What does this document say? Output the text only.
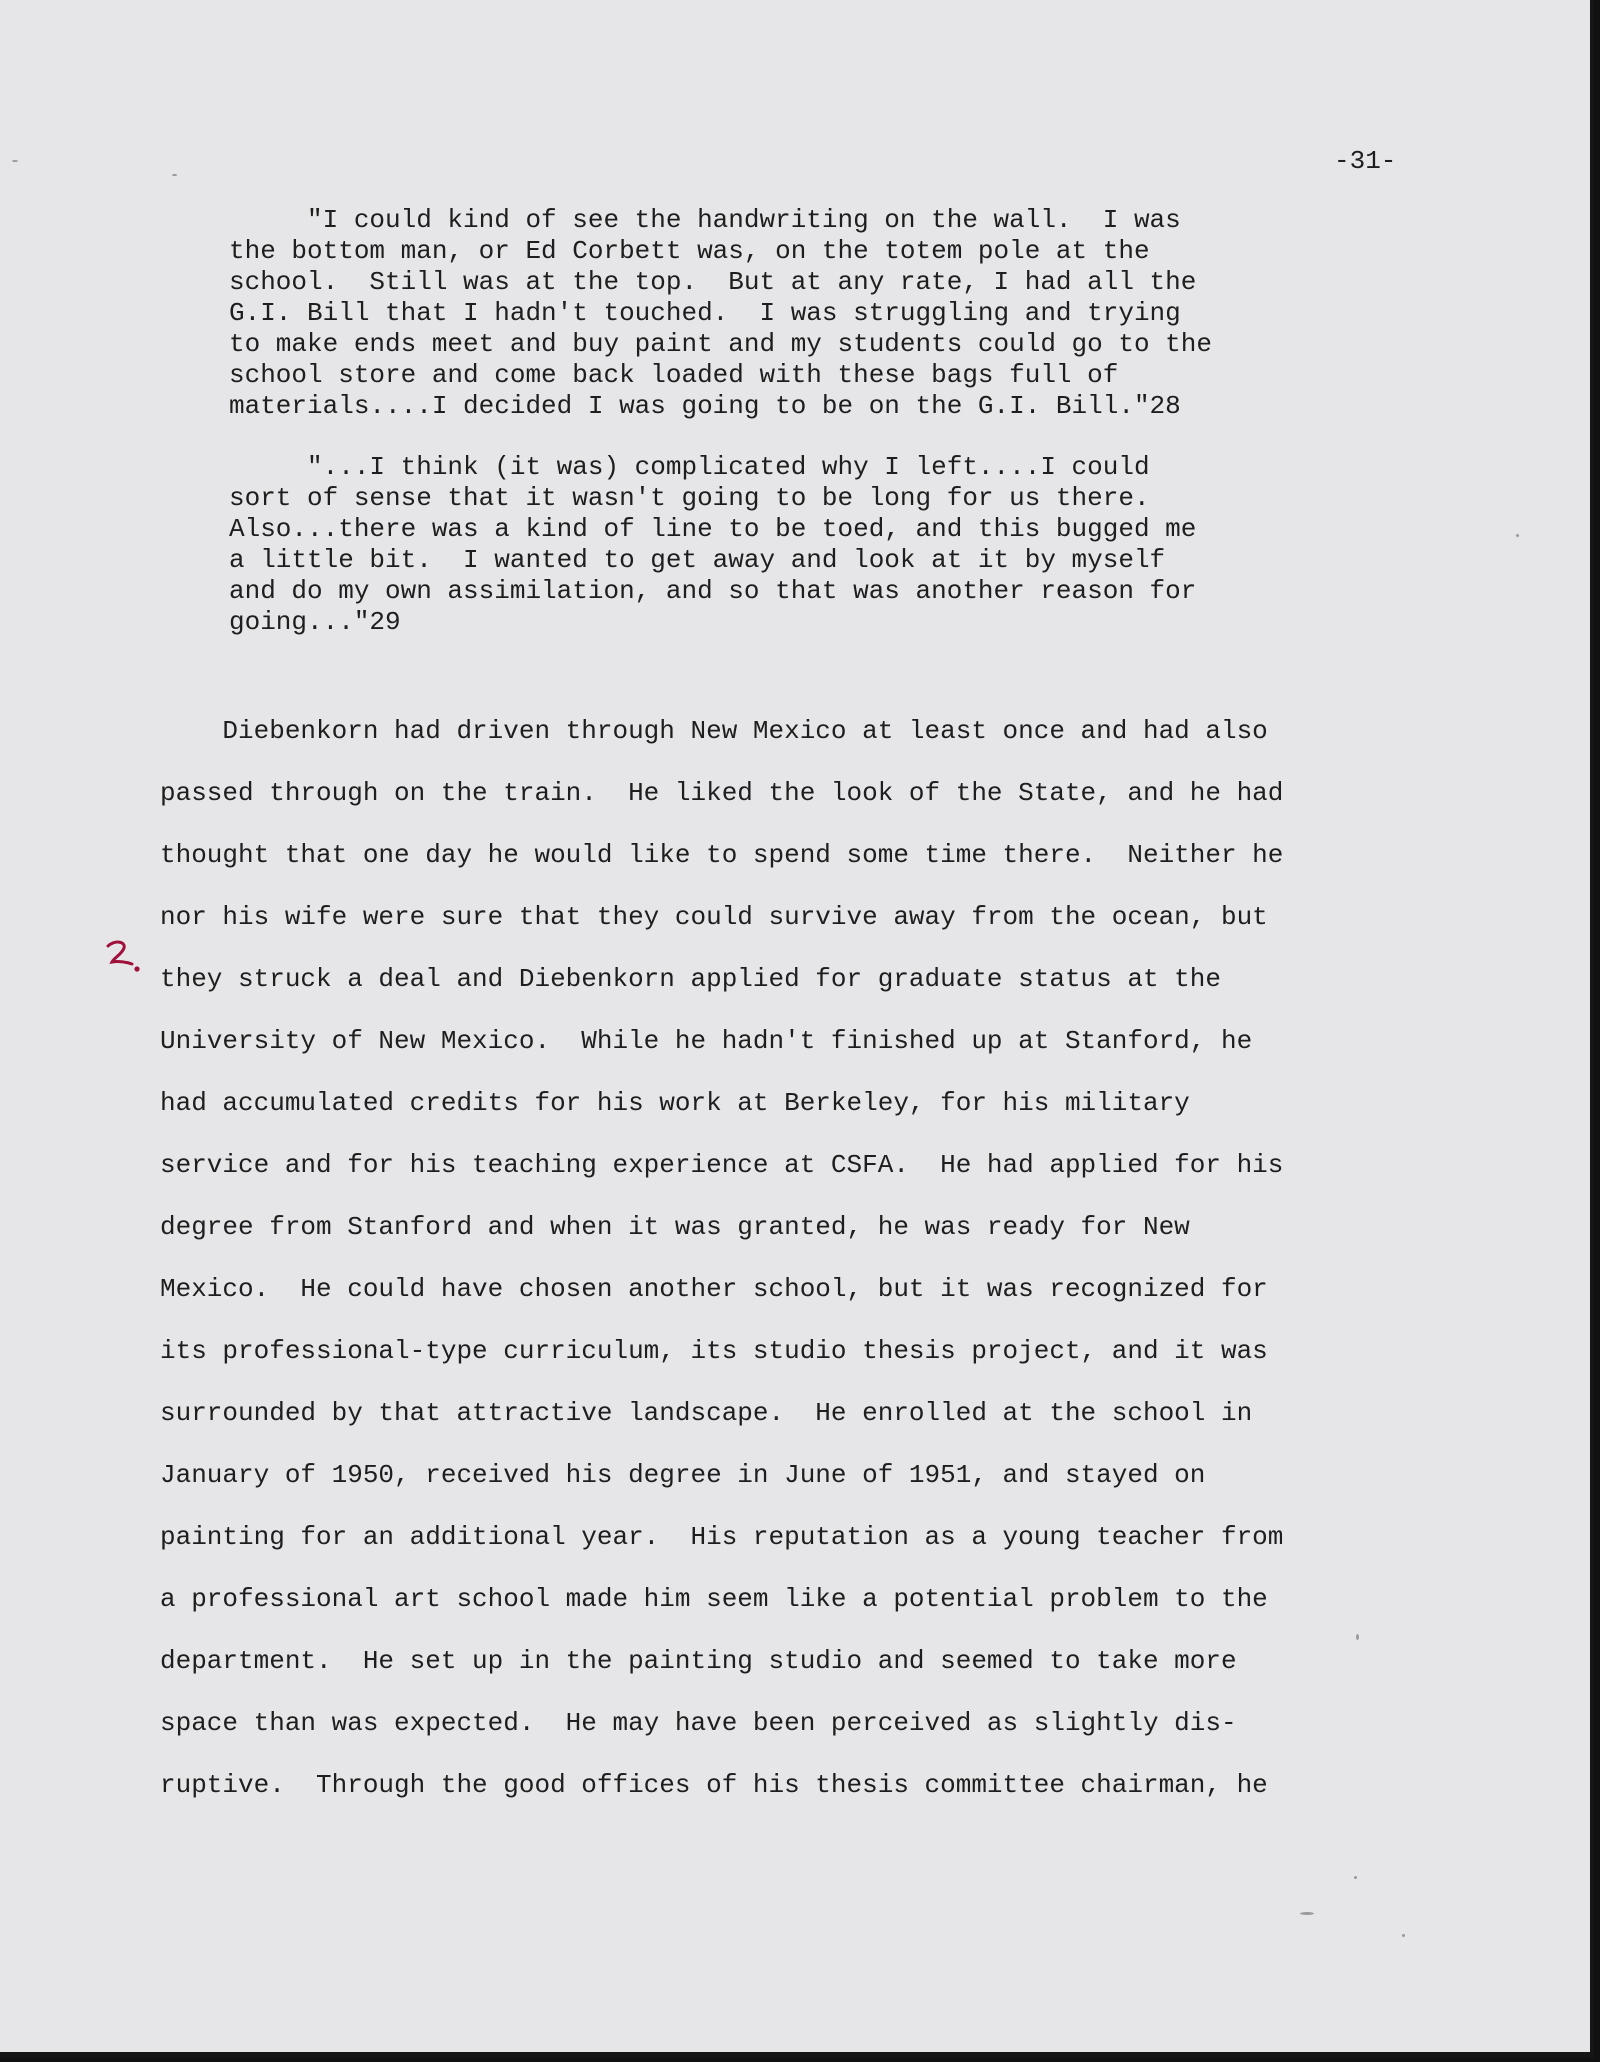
-31-
"I could kind of see the handwriting on the wall.  I was
the bottom man, or Ed Corbett was, on the totem pole at the
school.  Still was at the top.  But at any rate, I had all the
G.I. Bill that I hadn't touched.  I was struggling and trying
to make ends meet and buy paint and my students could go to the
school store and come back loaded with these bags full of
materials....I decided I was going to be on the G.I. Bill."28
"...I think (it was) complicated why I left....I could
sort of sense that it wasn't going to be long for us there.
Also...there was a kind of line to be toed, and this bugged me
a little bit.  I wanted to get away and look at it by myself
and do my own assimilation, and so that was another reason for
going..."29
Diebenkorn had driven through New Mexico at least once and had also
passed through on the train.  He liked the look of the State, and he had
thought that one day he would like to spend some time there.  Neither he
nor his wife were sure that they could survive away from the ocean, but
they struck a deal and Diebenkorn applied for graduate status at the
University of New Mexico.  While he hadn't finished up at Stanford, he
had accumulated credits for his work at Berkeley, for his military
service and for his teaching experience at CSFA.  He had applied for his
degree from Stanford and when it was granted, he was ready for New
Mexico.  He could have chosen another school, but it was recognized for
its professional-type curriculum, its studio thesis project, and it was
surrounded by that attractive landscape.  He enrolled at the school in
January of 1950, received his degree in June of 1951, and stayed on
painting for an additional year.  His reputation as a young teacher from
a professional art school made him seem like a potential problem to the
department.  He set up in the painting studio and seemed to take more
space than was expected.  He may have been perceived as slightly dis-
ruptive.  Through the good offices of his thesis committee chairman, he
